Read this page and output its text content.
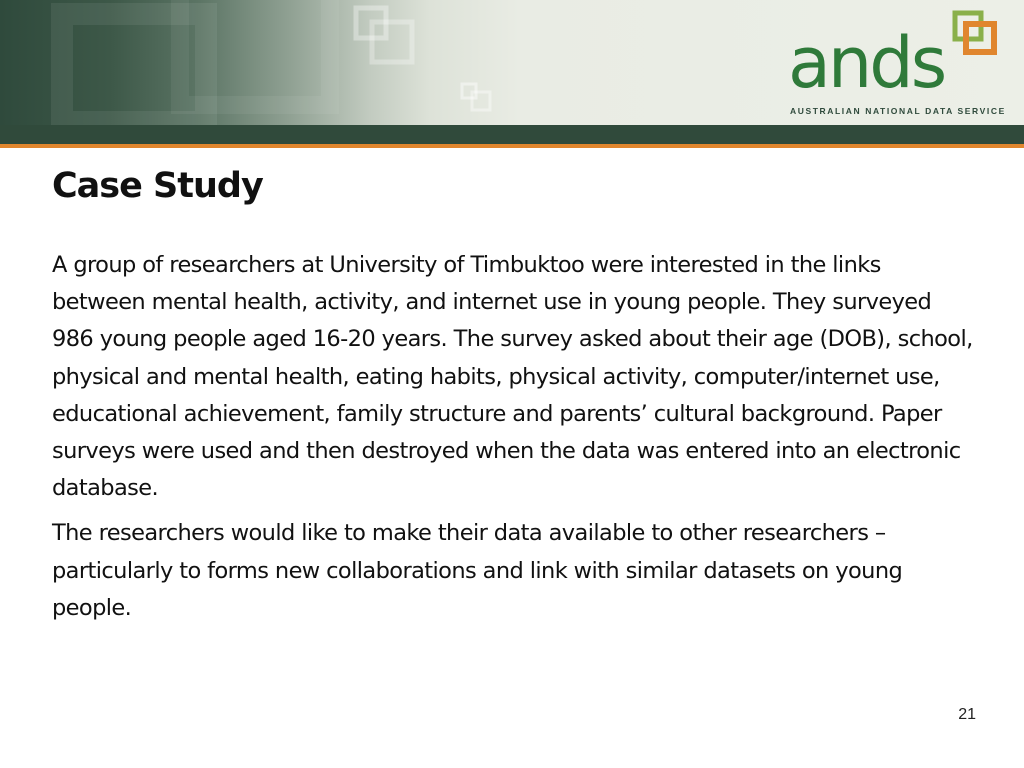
ands
AUSTRALIAN NATIONAL DATA SERVICE
Case Study

A group of researchers at University of Timbuktoo were interested in the links between mental health, activity, and internet use in young people. They surveyed 986 young people aged 16-20 years. The survey asked about their age (DOB), school, physical and mental health, eating habits, physical activity, computer/internet use, educational achievement, family structure and parents’ cultural background. Paper surveys were used and then destroyed when the data was entered into an electronic database.

The researchers would like to make their data available to other researchers – particularly to forms new collaborations and link with similar datasets on young people.

21
